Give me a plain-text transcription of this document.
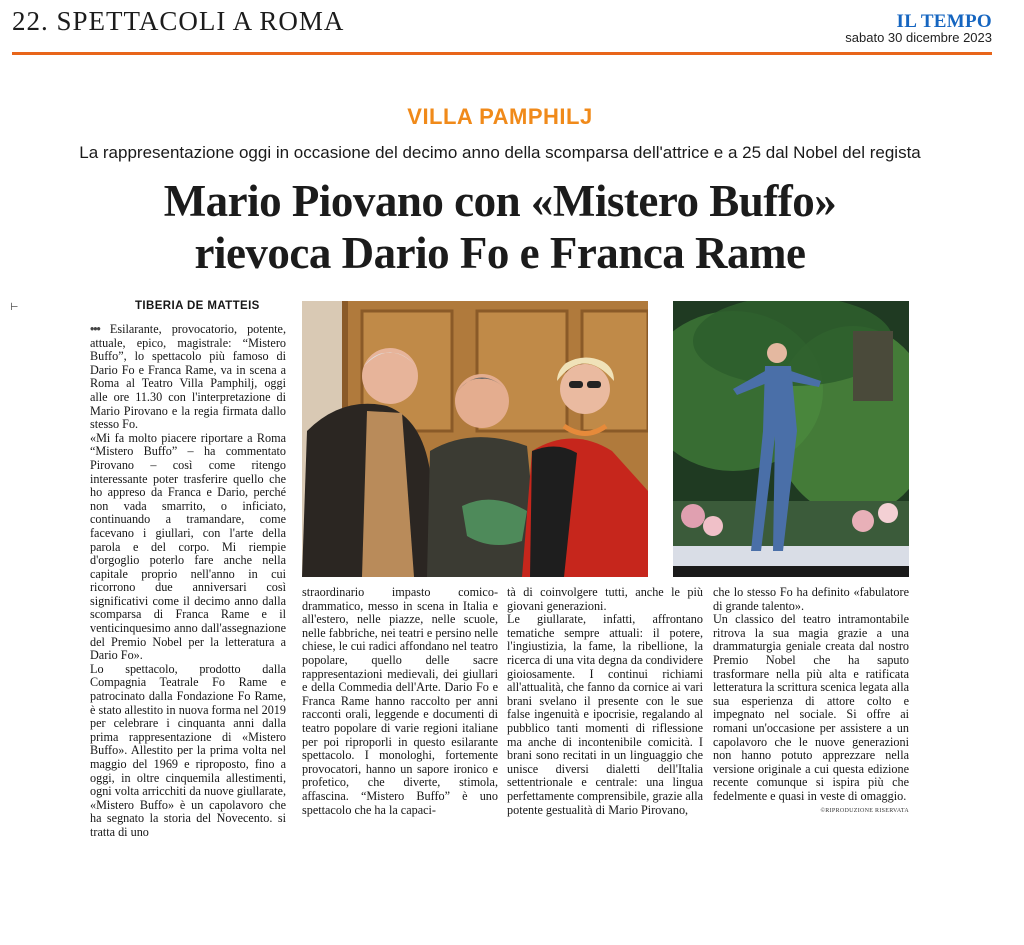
22. SPETTACOLI A ROMA	IL TEMPO
sabato 30 dicembre 2023
VILLA PAMPHILJ
La rappresentazione oggi in occasione del decimo anno della scomparsa dell'attrice e a 25 dal Nobel del regista
Mario Piovano con «Mistero Buffo»
rievoca Dario Fo e Franca Rame
⊢	TIBERIA DE MATTEIS

••• Esilarante, provocatorio, potente, attuale, epico, magistrale: “Mistero Buffo”, lo spettacolo più famoso di Dario Fo e Franca Rame, va in scena a Roma al Teatro Villa Pamphilj, oggi alle ore 11.30 con l'interpretazione di Mario Pirovano e la regia firmata dallo stesso Fo.

«Mi fa molto piacere riportare a Roma “Mistero Buffo” – ha commentato Pirovano – così come ritengo interessante poter trasferire quello che ho appreso da Franca e Dario, perché non vada smarrito, o inficiato, continuando a tramandare, come facevano i giullari, con l'arte della parola e del corpo. Mi riempie d'orgoglio poterlo fare anche nella capitale proprio nell'anno in cui ricorrono due anniversari così significativi come il decimo anno dalla scomparsa di Franca Rame e il venticinquesimo anno dall'assegnazione del Premio Nobel per la letteratura a Dario Fo».

Lo spettacolo, prodotto dalla Compagnia Teatrale Fo Rame e patrocinato dalla Fondazione Fo Rame, è stato allestito in nuova forma nel 2019 per celebrare i cinquanta anni dalla prima rappresentazione di «Mistero Buffo». Allestito per la prima volta nel maggio del 1969 e riproposto, fino a oggi, in oltre cinquemila allestimenti, ogni volta arricchiti da nuove giullarate, «Mistero Buffo» è un capolavoro che ha segnato la storia del Novecento. si tratta di uno

straordinario impasto comico-drammatico, messo in scena in Italia e all'estero, nelle piazze, nelle scuole, nelle fabbriche, nei teatri e persino nelle chiese, le cui radici affondano nel teatro popolare, quello delle sacre rappresentazioni medievali, dei giullari e della Commedia dell'Arte. Dario Fo e Franca Rame hanno raccolto per anni racconti orali, leggende e documenti di teatro popolare di varie regioni italiane per poi riproporli in questo esilarante spettacolo. I monologhi, fortemente provocatori, hanno un sapore ironico e profetico, che diverte, stimola, affascina. “Mistero Buffo” è uno spettacolo che ha la capaci-

tà di coinvolgere tutti, anche le più giovani generazioni.

Le giullarate, infatti, affrontano tematiche sempre attuali: il potere, l'ingiustizia, la fame, la ribellione, la ricerca di una vita degna da condividere gioiosamente. I continui richiami all'attualità, che fanno da cornice ai vari brani svelano il presente con le sue false ingenuità e ipocrisie, regalando al pubblico tanti momenti di riflessione ma anche di incontenibile comicità. I brani sono recitati in un linguaggio che unisce diversi dialetti dell'Italia settentrionale e centrale: una lingua perfettamente comprensibile, grazie alla potente gestualità di Mario Pirovano,

che lo stesso Fo ha definito «fabulatore di grande talento».

Un classico del teatro intramontabile ritrova la sua magia grazie a una drammaturgia geniale creata dal nostro Premio Nobel che ha saputo trasformare nella più alta e ratificata letteratura la scrittura scenica legata alla sua esperienza di attore colto e impegnato nel sociale. Si offre ai romani un'occasione per assistere a un capolavoro che le nuove generazioni non hanno potuto apprezzare nella versione originale a cui questa edizione recente comunque si ispira più che fedelmente e quasi in veste di omaggio.

©RIPRODUZIONE RISERVATA
